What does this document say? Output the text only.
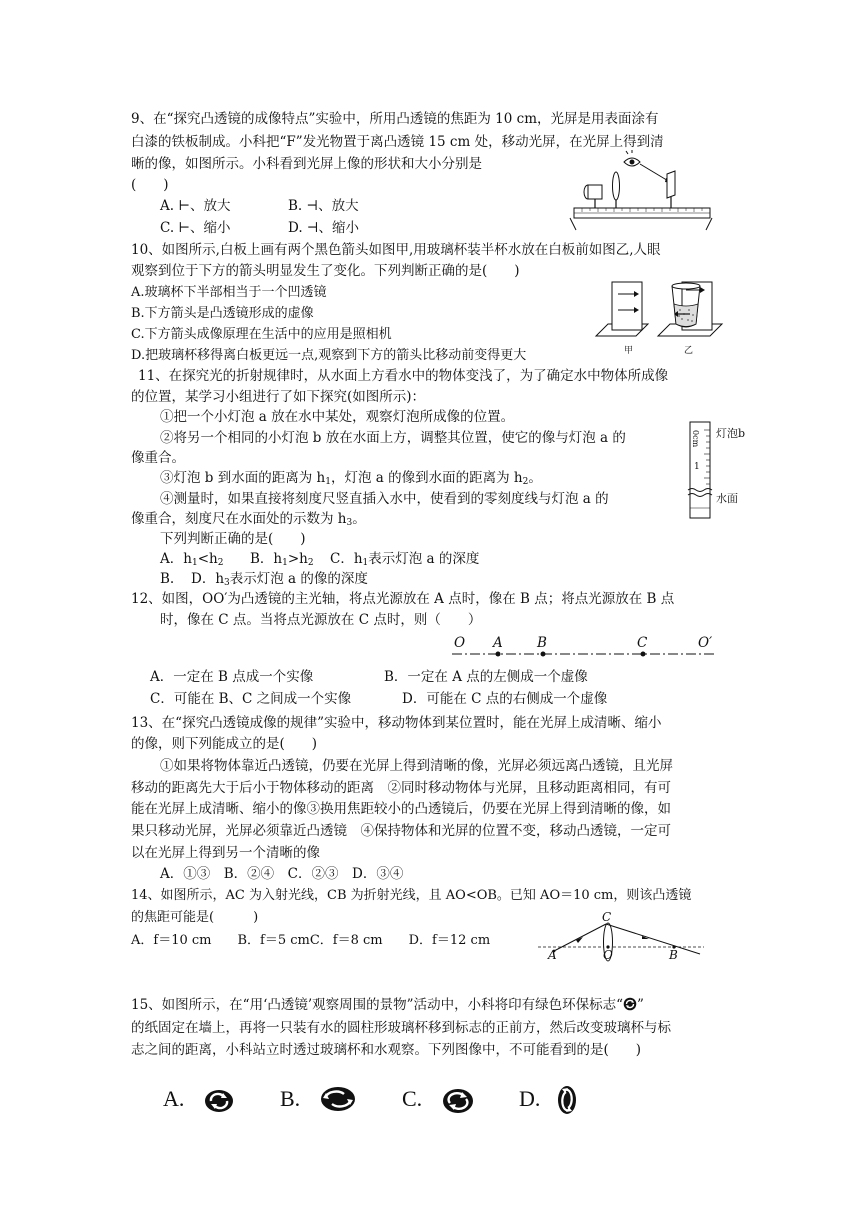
9、在“探究凸透镜的成像特点”实验中，所用凸透镜的焦距为 10 cm，光屏是用表面涂有
白漆的铁板制成。小科把“F”发光物置于离凸透镜 15 cm 处，移动光屏，在光屏上得到清
晰的像，如图所示。小科看到光屏上像的形状和大小分别是
(　　)
A. ⊢、放大	B. ⊣、放大
C. ⊢、缩小	D. ⊣、缩小
10、如图所示,白板上画有两个黑色箭头如图甲,用玻璃杯装半杯水放在白板前如图乙,人眼
观察到位于下方的箭头明显发生了变化。下列判断正确的是(　　)
A.玻璃杯下半部相当于一个凹透镜
B.下方箭头是凸透镜形成的虚像
C.下方箭头成像原理在生活中的应用是照相机
D.把玻璃杯移得离白板更远一点,观察到下方的箭头比移动前变得更大	甲	乙
11、在探究光的折射规律时，从水面上方看水中的物体变浅了，为了确定水中物体所成像
的位置，某学习小组进行了如下探究(如图所示)：
①把一个小灯泡 a 放在水中某处，观察灯泡所成像的位置。
②将另一个相同的小灯泡 b 放在水面上方，调整其位置，使它的像与灯泡 a 的
像重合。
③灯泡 b 到水面的距离为 $h_1$，灯泡 a 的像到水面的距离为 $h_2$。
④测量时，如果直接将刻度尺竖直插入水中，使看到的零刻度线与灯泡 a 的
像重合，刻度尺在水面处的示数为 $h_3$。
下列判断正确的是(　　)
A．$h_1<h_2$ B．$h_1>h_2$ C．$h_1$表示灯泡 a 的深度
B. D．$h_3$表示灯泡 a 的像的深度
0cm
1
灯泡b
水面
12、如图，OO′为凸透镜的主光轴，将点光源放在 A 点时，像在 B 点；将点光源放在 B 点
时，像在 C 点。当将点光源放在 C 点时，则（　　）
O A	B	C	O′
A．一定在 B 点成一个实像	B．一定在 A 点的左侧成一个虚像
C．可能在 B、C 之间成一个实像	D．可能在 C 点的右侧成一个虚像
13、在“探究凸透镜成像的规律”实验中，移动物体到某位置时，能在光屏上成清晰、缩小
的像，则下列能成立的是(　　)
①如果将物体靠近凸透镜，仍要在光屏上得到清晰的像，光屏必须远离凸透镜，且光屏
移动的距离先大于后小于物体移动的距离　②同时移动物体与光屏，且移动距离相同，有可
能在光屏上成清晰、缩小的像③换用焦距较小的凸透镜后，仍要在光屏上得到清晰的像，如
果只移动光屏，光屏必须靠近凸透镜　④保持物体和光屏的位置不变，移动凸透镜，一定可
以在光屏上得到另一个清晰的像
A．①③　B．②④　C．②③　D．③④
14、如图所示，AC 为入射光线，CB 为折射光线，且 AO<OB。已知 AO＝10 cm，则该凸透镜
的焦距可能是(　　　)
A．f＝10 cm　　B．f＝5 cmC．f＝8 cm　　D．f＝12 cm
C
A	O	B
15、如图所示，在“用‘凸透镜’观察周围的景物”活动中，小科将印有绿色环保标志“ ”
的纸固定在墙上，再将一只装有水的圆柱形玻璃杯移到标志的正前方，然后改变玻璃杯与标
志之间的距离，小科站立时透过玻璃杯和水观察。下列图像中，不可能看到的是(　　)
A.	B.	C.	D.
